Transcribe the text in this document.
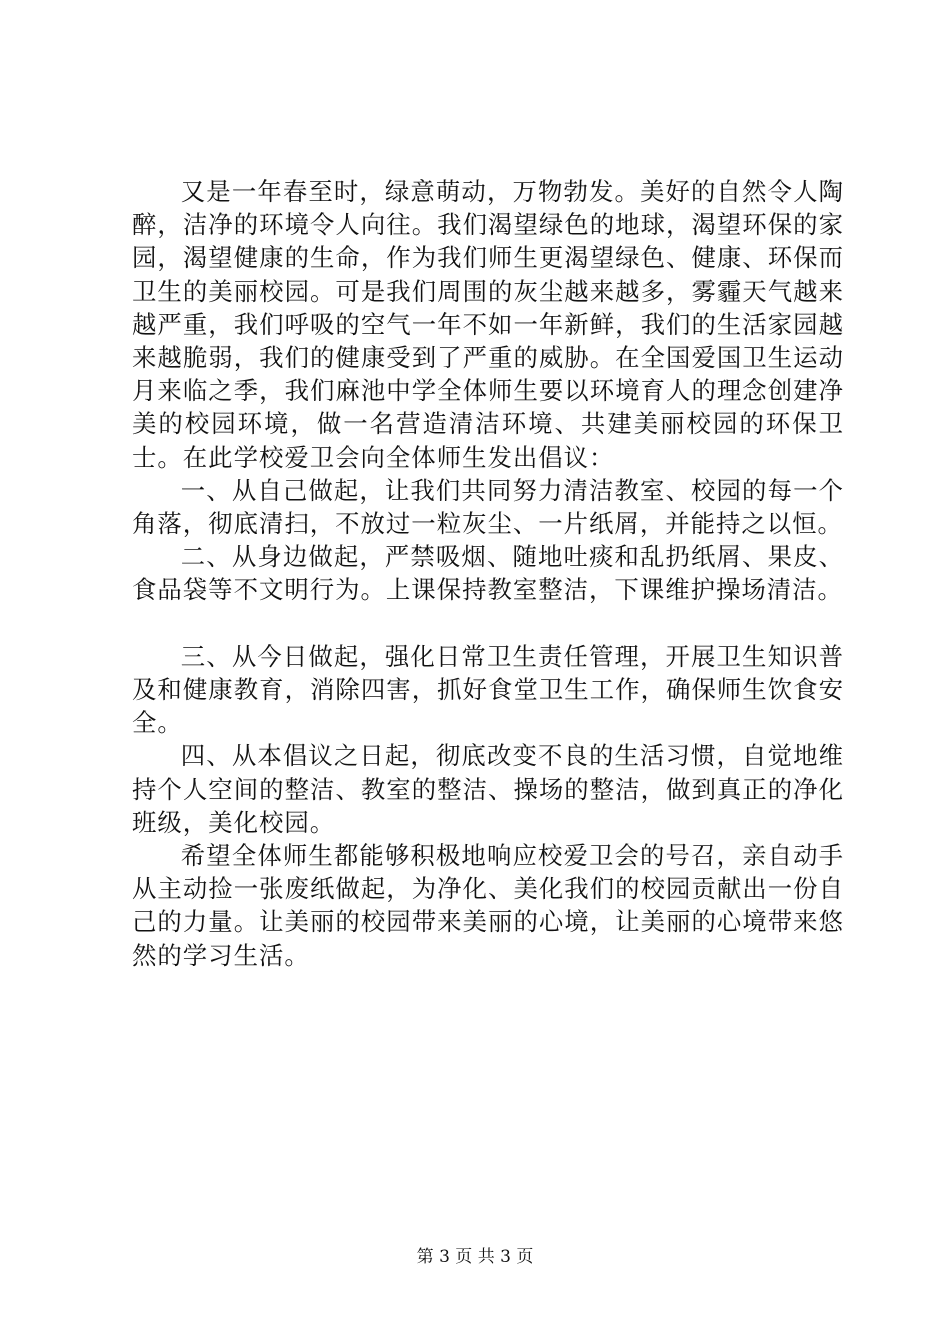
又是一年春至时，绿意萌动，万物勃发。美好的自然令人陶醉，洁净的环境令人向往。我们渴望绿色的地球，渴望环保的家园，渴望健康的生命，作为我们师生更渴望绿色、健康、环保而卫生的美丽校园。可是我们周围的灰尘越来越多，雾霾天气越来越严重，我们呼吸的空气一年不如一年新鲜，我们的生活家园越来越脆弱，我们的健康受到了严重的威胁。在全国爱国卫生运动月来临之季，我们麻池中学全体师生要以环境育人的理念创建净美的校园环境，做一名营造清洁环境、共建美丽校园的环保卫士。在此学校爱卫会向全体师生发出倡议：

一、从自己做起，让我们共同努力清洁教室、校园的每一个角落，彻底清扫，不放过一粒灰尘、一片纸屑，并能持之以恒。

二、从身边做起，严禁吸烟、随地吐痰和乱扔纸屑、果皮、食品袋等不文明行为。上课保持教室整洁，下课维护操场清洁。

三、从今日做起，强化日常卫生责任管理，开展卫生知识普及和健康教育，消除四害，抓好食堂卫生工作，确保师生饮食安全。

四、从本倡议之日起，彻底改变不良的生活习惯，自觉地维持个人空间的整洁、教室的整洁、操场的整洁，做到真正的净化班级，美化校园。

希望全体师生都能够积极地响应校爱卫会的号召，亲自动手从主动捡一张废纸做起，为净化、美化我们的校园贡献出一份自己的力量。让美丽的校园带来美丽的心境，让美丽的心境带来悠然的学习生活。

第 3 页 共 3 页
